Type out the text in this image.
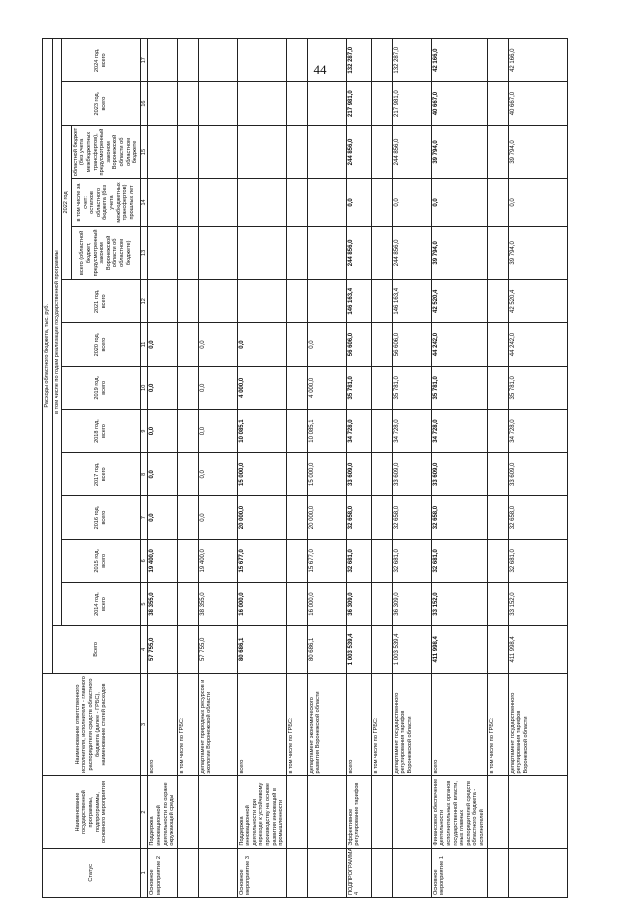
44
Статус	Наименование государственной программы, подпрограммы, основного мероприятия	Наименование ответственного исполнителя, исполнителя - главного распорядителя средств областного бюджета (далее - ГРБС), наименование статей расходов	Расходы областного бюджета, тыс. руб.													
			Всего	в том числе по годам реализации государственной программы												
				2014 год, всего	2015 год, всего	2016 год, всего	2017 год, всего	2018 год, всего	2019 год, всего	2020 год, всего	2021 год, всего	2022 год			2023 год, всего	2024 год, всего
												всего (областной бюджет, предусмотренный законом Воронежской области об областном бюджете)	в том числе за счет: остатков областного бюджета (без учета межбюджетных трансфертов) прошлых лет	областной бюджет (без учета межбюджетных трансфертов), предусмотренный законом Воронежской области об областном бюджете		
1	2	3	4	5	6	7	8	9	10	11	12	13	14	15	16	17
Основное мероприятие 2	Поддержка инновационной деятельности по охране окружающей среды	всего	57 755,0	38 355,0	19 400,0	0,0	0,0	0,0	0,0	0,0						
		в том числе по ГРБС:														
		департамент природных ресурсов и экологии Воронежской области	57 755,0	38 355,0	19 400,0	0,0	0,0	0,0	0,0	0,0						
Основное мероприятие 3	Поддержка инновационной деятельности при переходе к устойчивому производству на основе развития инноваций в промышленности	всего	80 686,1	16 000,0	15 677,0	20 000,0	15 000,0	10 085,1	4 000,0	0,0						
		в том числе по ГРБС:														
		департамент экономического развития Воронежской области	80 686,1	16 000,0	15 677,0	20 000,0	15 000,0	10 085,1	4 000,0	0,0						
ПОДПРОГРАММА 4	Эффективное регулирование тарифов	всего	1 003 539,4	36 309,0	32 681,0	32 658,0	33 609,0	34 728,0	35 781,0	56 606,0	146 163,4	244 856,0	0,0	244 856,0	217 981,0	132 287,0
		в том числе по ГРБС:														
		департамент государственного регулирования тарифов Воронежской области	1 003 539,4	36 309,0	32 681,0	32 658,0	33 609,0	34 728,0	35 781,0	56 606,0	146 163,4	244 856,0	0,0	244 856,0	217 981,0	132 287,0
Основное мероприятие 1	Финансовое обеспечение деятельности исполнительных органов государственной власти, иных главных распорядителей средств областного бюджета - исполнителей	всего	411 998,4	33 152,0	32 681,0	32 658,0	33 609,0	34 728,0	35 781,0	44 242,0	42 520,4	39 794,0	0,0	39 794,0	40 667,0	42 166,0
		в том числе по ГРБС:														
		департамент государственного регулирования тарифов Воронежской области	411 998,4	33 152,0	32 681,0	32 658,0	33 609,0	34 728,0	35 781,0	44 242,0	42 520,4	39 794,0	0,0	39 794,0	40 667,0	42 166,0
